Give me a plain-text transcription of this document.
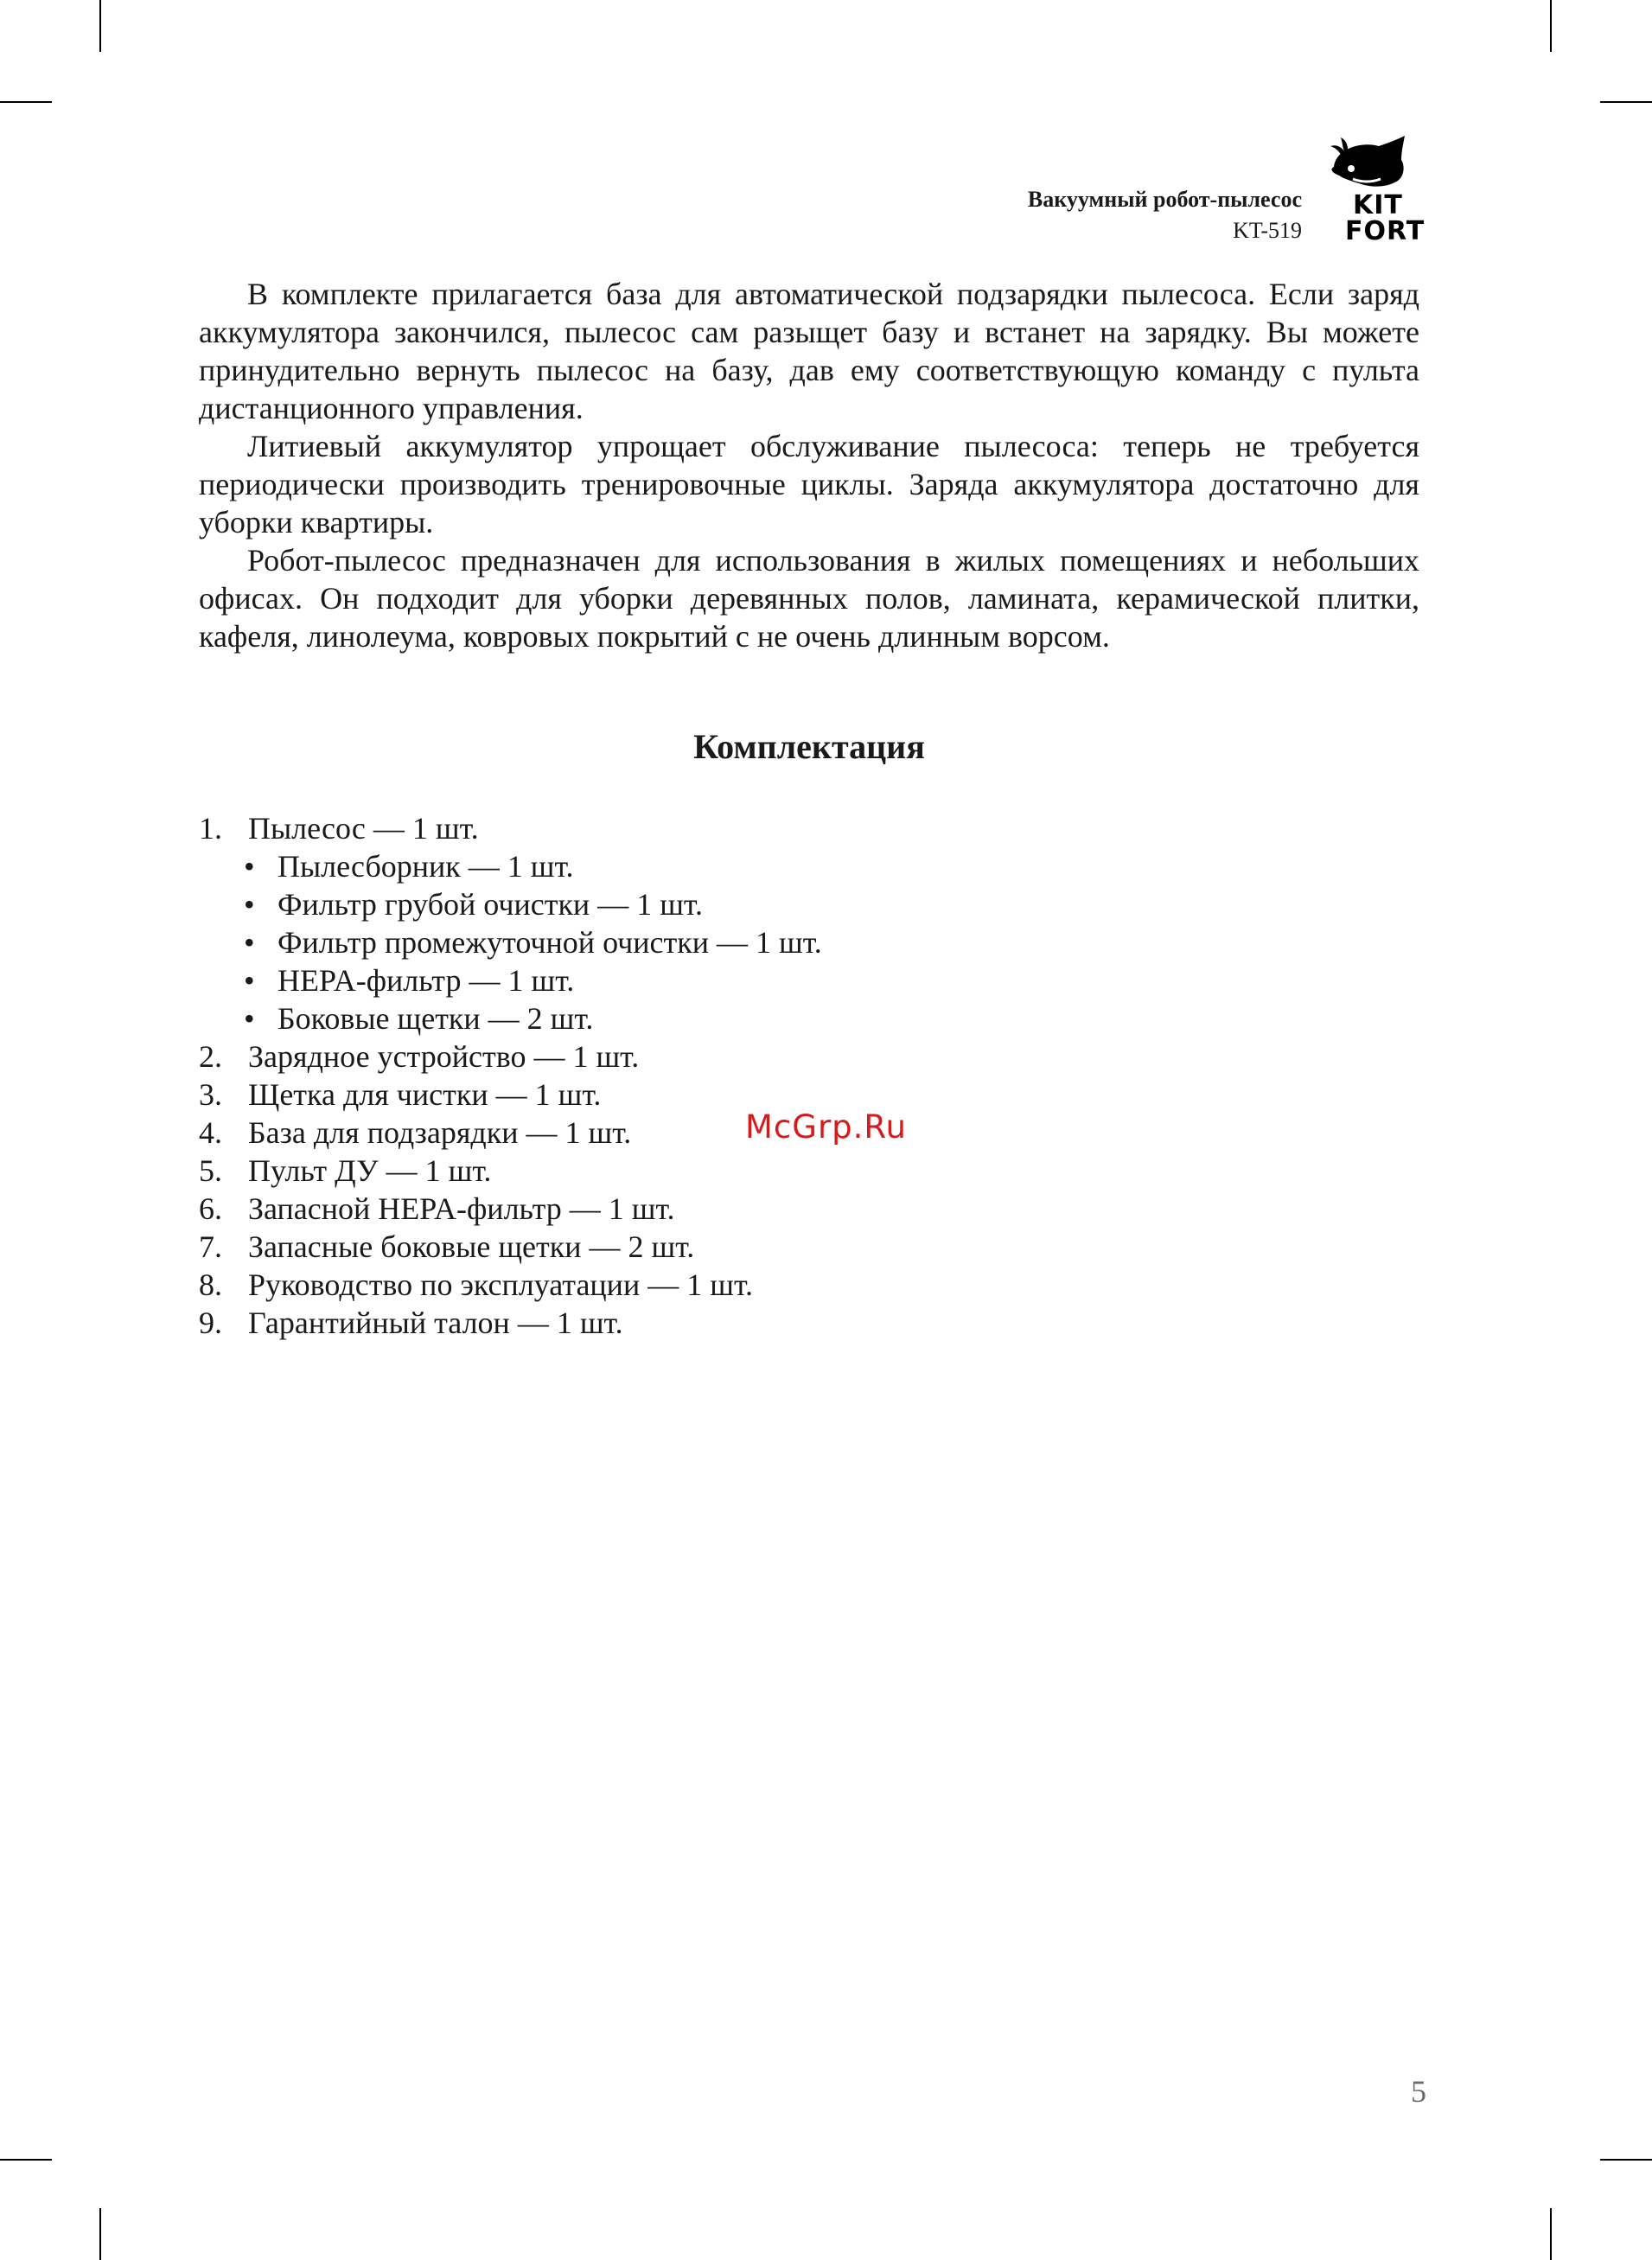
Вакуумный робот-пылесос
KT-519
KIT
FORT

В комплекте прилагается база для автоматической подзарядки пылесоса. Если заряд аккумулятора закончился, пылесос сам разыщет базу и встанет на зарядку. Вы можете принудительно вернуть пылесос на базу, дав ему соответствующую команду с пульта дистанционного управления.

Литиевый аккумулятор упрощает обслуживание пылесоса: теперь не требуется периодически производить тренировочные циклы. Заряда аккумулятора достаточно для уборки квартиры.

Робот-пылесос предназначен для использования в жилых помещениях и небольших офисах. Он подходит для уборки деревянных полов, ламината, керамической плитки, кафеля, линолеума, ковровых покрытий с не очень длинным ворсом.

Комплектация
1. Пылесос — 1 шт.
• Пылесборник — 1 шт.
• Фильтр грубой очистки — 1 шт.
• Фильтр промежуточной очистки — 1 шт.
• HEPA-фильтр — 1 шт.
• Боковые щетки — 2 шт.
2. Зарядное устройство — 1 шт.
3. Щетка для чистки — 1 шт.
4. База для подзарядки — 1 шт.
5. Пульт ДУ — 1 шт.
6. Запасной HEPA-фильтр — 1 шт.
7. Запасные боковые щетки — 2 шт.
8. Руководство по эксплуатации — 1 шт.
9. Гарантийный талон — 1 шт.
McGrp.Ru
5
